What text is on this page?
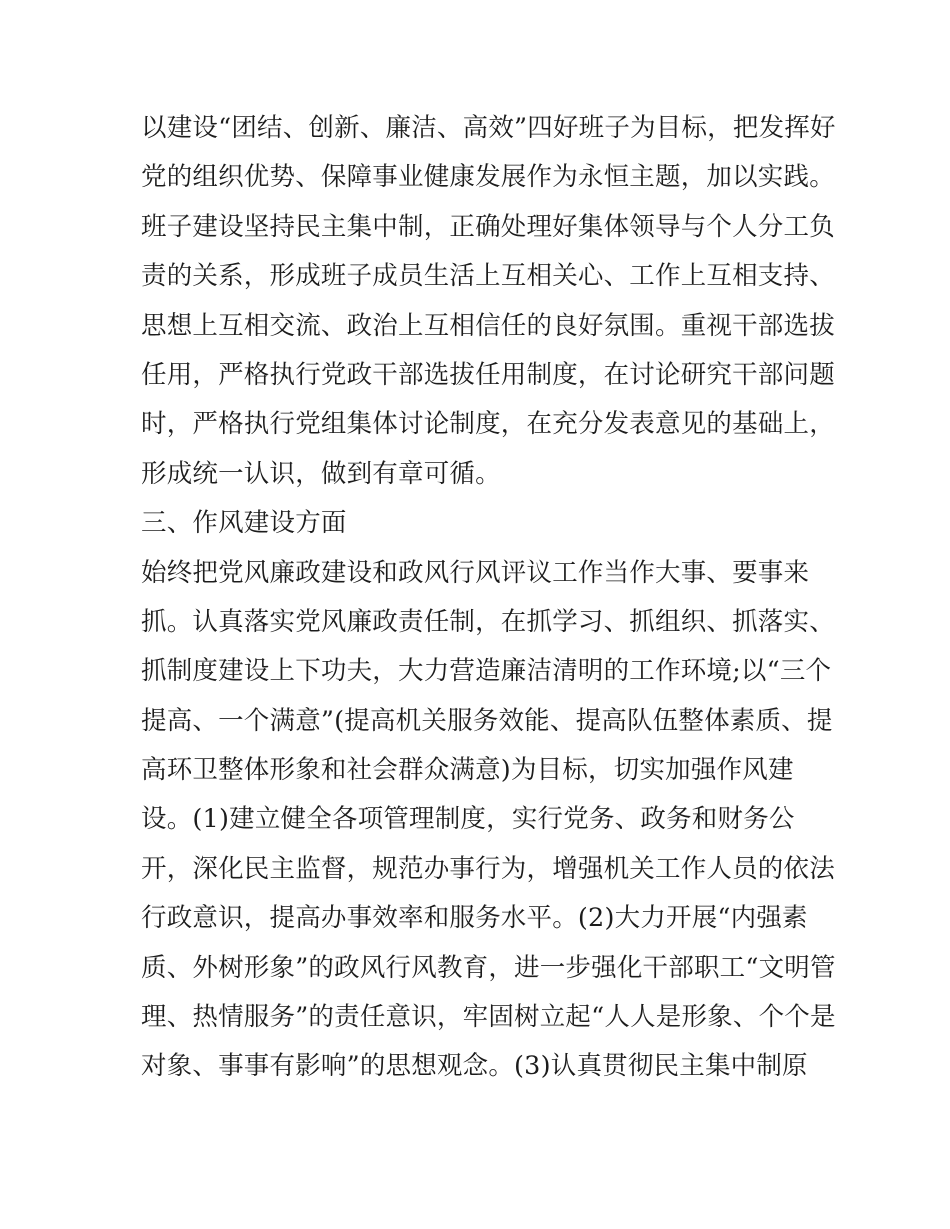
以建设“团结、创新、廉洁、高效”四好班子为目标，把发挥好
党的组织优势、保障事业健康发展作为永恒主题，加以实践。
班子建设坚持民主集中制，正确处理好集体领导与个人分工负
责的关系，形成班子成员生活上互相关心、工作上互相支持、
思想上互相交流、政治上互相信任的良好氛围。重视干部选拔
任用，严格执行党政干部选拔任用制度，在讨论研究干部问题
时，严格执行党组集体讨论制度，在充分发表意见的基础上，
形成统一认识，做到有章可循。
三、作风建设方面
始终把党风廉政建设和政风行风评议工作当作大事、要事来
抓。认真落实党风廉政责任制，在抓学习、抓组织、抓落实、
抓制度建设上下功夫，大力营造廉洁清明的工作环境;以“三个
提高、一个满意”(提高机关服务效能、提高队伍整体素质、提
高环卫整体形象和社会群众满意)为目标，切实加强作风建
设。(1)建立健全各项管理制度，实行党务、政务和财务公
开，深化民主监督，规范办事行为，增强机关工作人员的依法
行政意识，提高办事效率和服务水平。(2)大力开展“内强素
质、外树形象”的政风行风教育，进一步强化干部职工“文明管
理、热情服务”的责任意识，牢固树立起“人人是形象、个个是
对象、事事有影响”的思想观念。(3)认真贯彻民主集中制原
